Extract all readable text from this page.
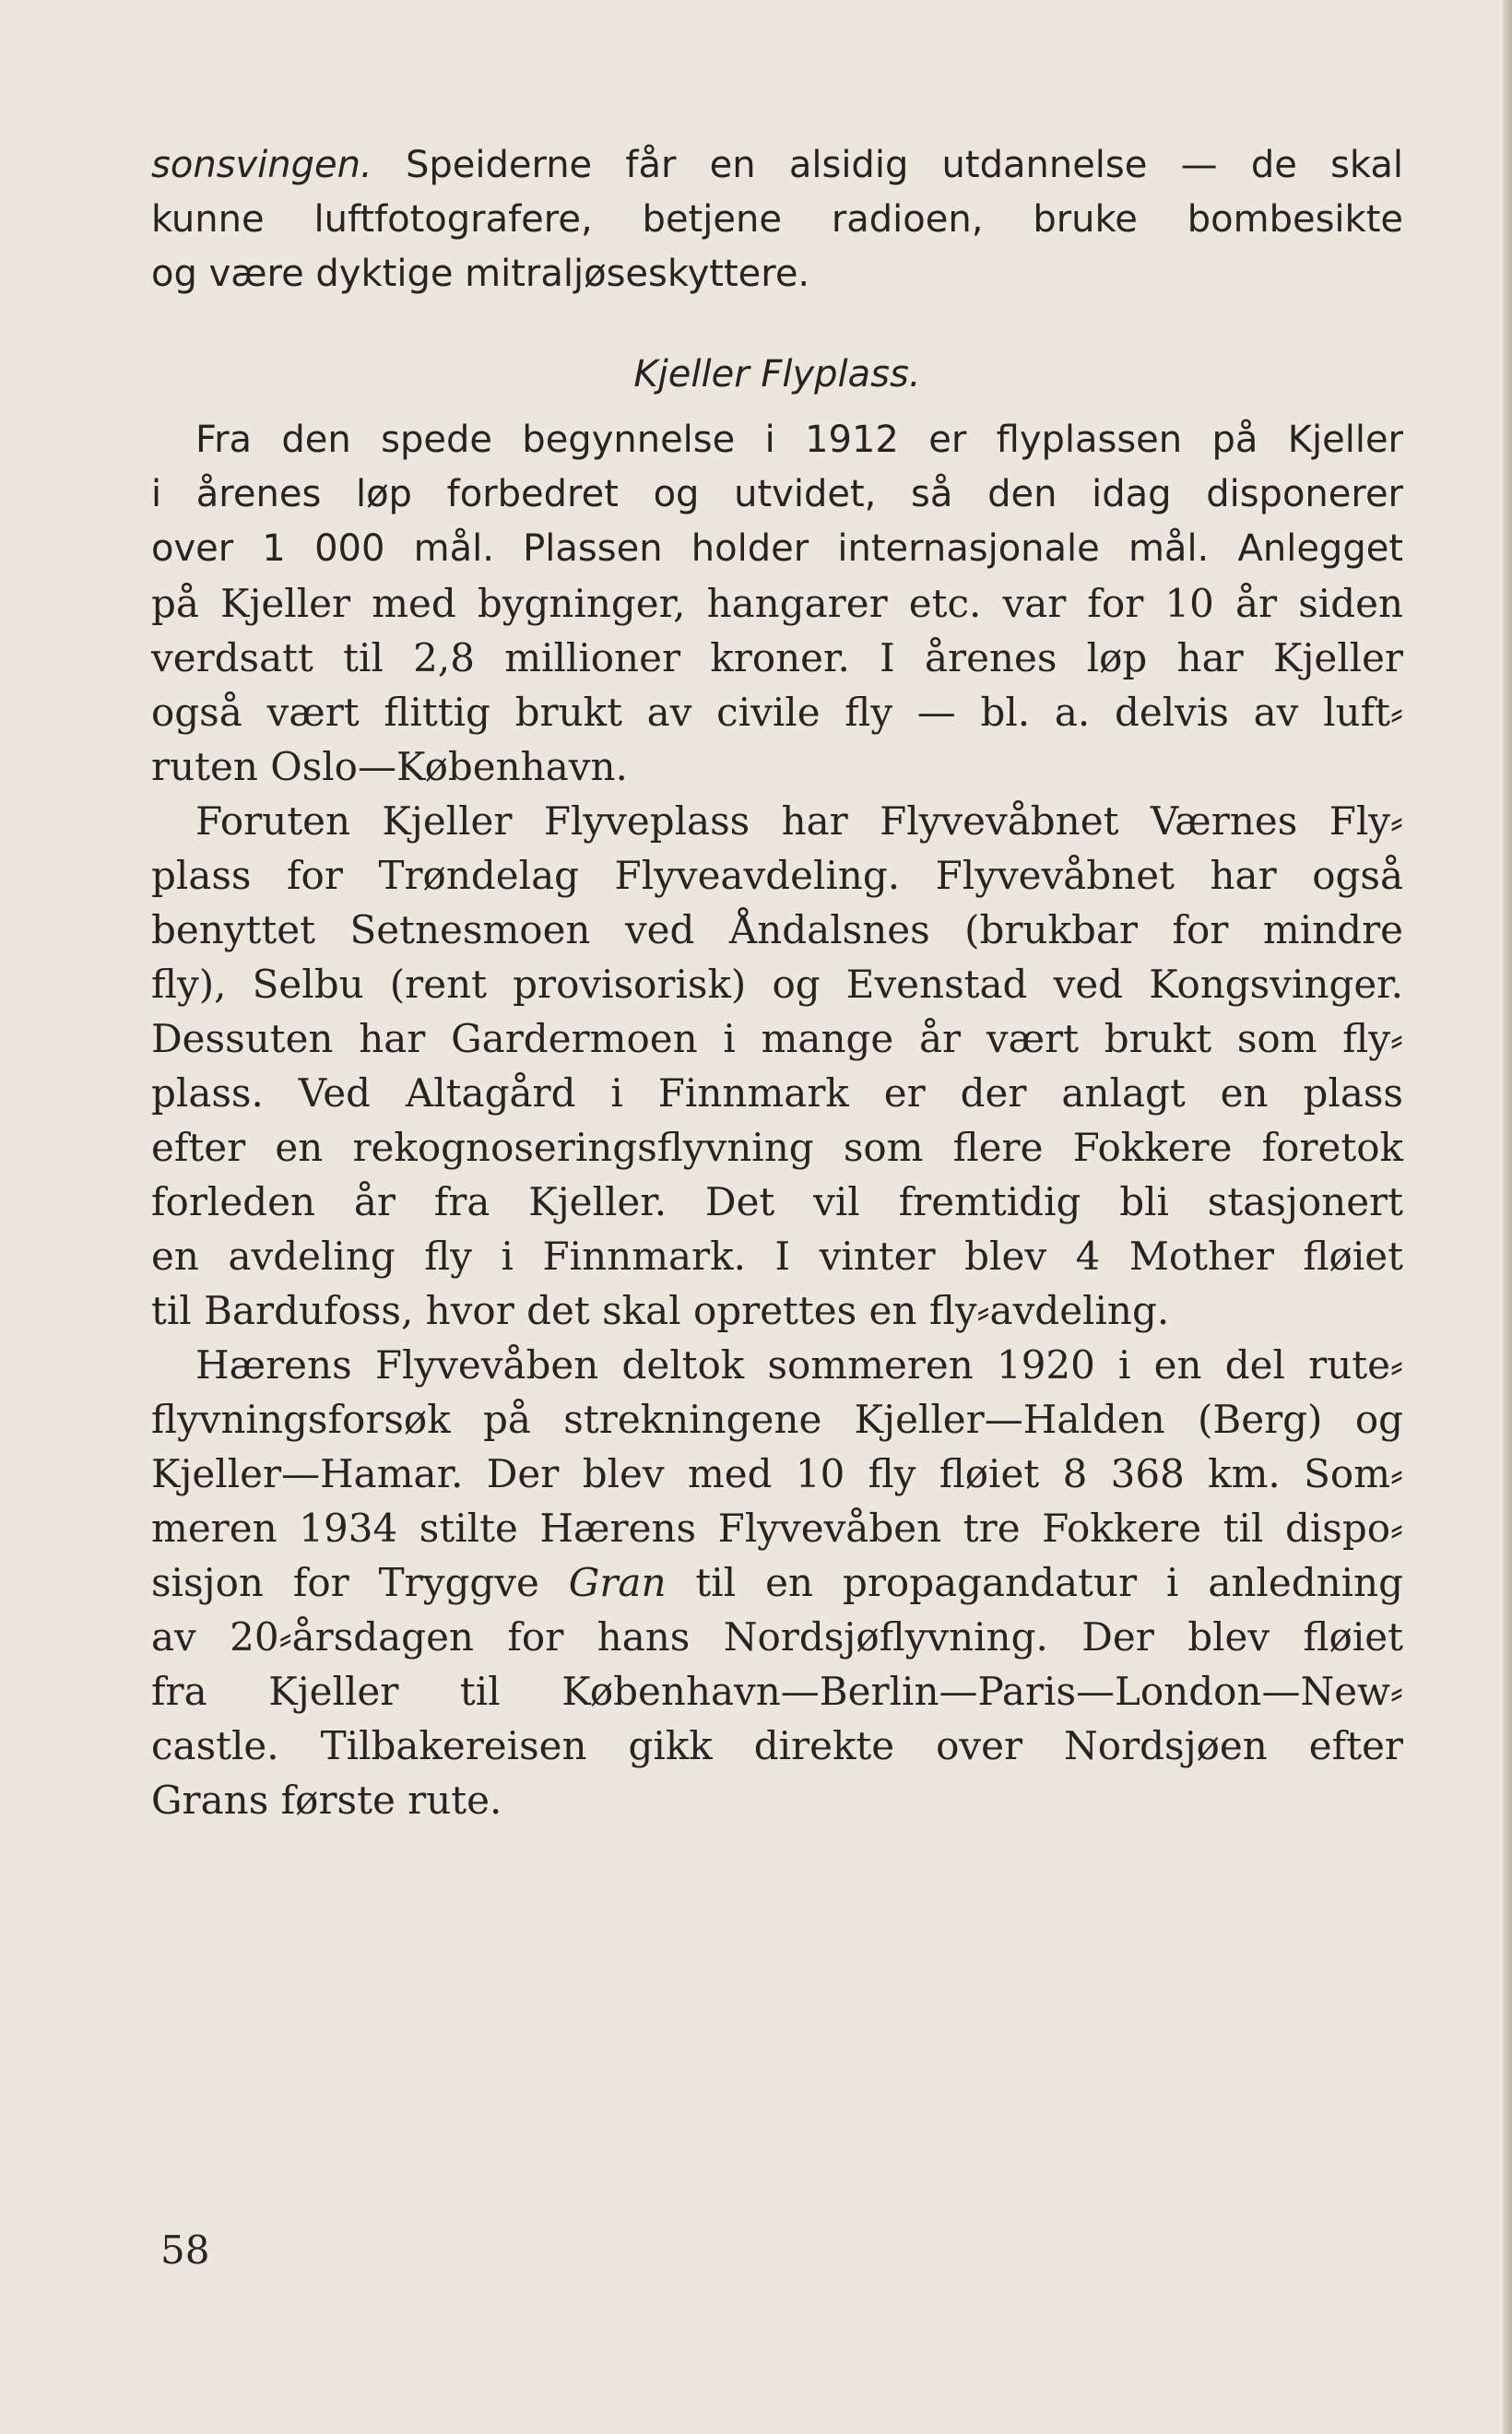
sonsvingen. Speiderne får en alsidig utdannelse — de skal
kunne luftfotografere, betjene radioen, bruke bombesikte
og være dyktige mitraljøseskyttere.
Kjeller Flyplass.
Fra den spede begynnelse i 1912 er flyplassen på Kjeller
i årenes løp forbedret og utvidet, så den idag disponerer
over 1 000 mål. Plassen holder internasjonale mål. Anlegget
på Kjeller med bygninger, hangarer etc. var for 10 år siden
verdsatt til 2,8 millioner kroner. I årenes løp har Kjeller
også vært flittig brukt av civile fly — bl. a. delvis av luft⸗
ruten Oslo—København.
Foruten Kjeller Flyveplass har Flyvevåbnet Værnes Fly⸗
plass for Trøndelag Flyveavdeling. Flyvevåbnet har også
benyttet Setnesmoen ved Åndalsnes (brukbar for mindre
fly), Selbu (rent provisorisk) og Evenstad ved Kongsvinger.
Dessuten har Gardermoen i mange år vært brukt som fly⸗
plass. Ved Altagård i Finnmark er der anlagt en plass
efter en rekognoseringsflyvning som flere Fokkere foretok
forleden år fra Kjeller. Det vil fremtidig bli stasjonert
en avdeling fly i Finnmark. I vinter blev 4 Mother fløiet
til Bardufoss, hvor det skal oprettes en fly⸗avdeling.
Hærens Flyvevåben deltok sommeren 1920 i en del rute⸗
flyvningsforsøk på strekningene Kjeller—Halden (Berg) og
Kjeller—Hamar. Der blev med 10 fly fløiet 8 368 km. Som⸗
meren 1934 stilte Hærens Flyvevåben tre Fokkere til dispo⸗
sisjon for Tryggve Gran til en propagandatur i anledning
av 20⸗årsdagen for hans Nordsjøflyvning. Der blev fløiet
fra Kjeller til København—Berlin—Paris—London—New⸗
castle. Tilbakereisen gikk direkte over Nordsjøen efter
Grans første rute.
58
